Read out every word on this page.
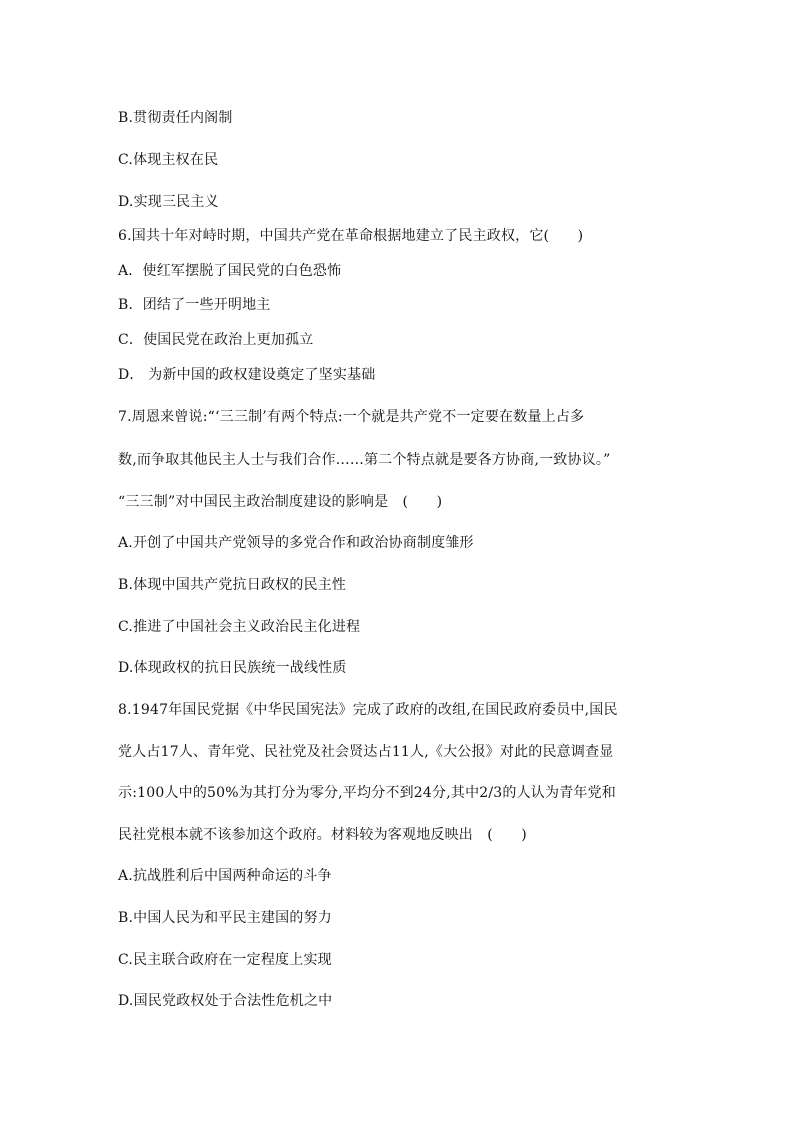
B.贯彻责任内阁制
C.体现主权在民
D.实现三民主义
6.国共十年对峙时期，中国共产党在革命根据地建立了民主政权，它(　　)
A．使红军摆脱了国民党的白色恐怖
B．团结了一些开明地主
C．使国民党在政治上更加孤立
D． 为新中国的政权建设奠定了坚实基础
7.周恩来曾说:“‘三三制’有两个特点:一个就是共产党不一定要在数量上占多
数,而争取其他民主人士与我们合作……第二个特点就是要各方协商,一致协议。”
“三三制”对中国民主政治制度建设的影响是　(　　)
A.开创了中国共产党领导的多党合作和政治协商制度雏形
B.体现中国共产党抗日政权的民主性
C.推进了中国社会主义政治民主化进程
D.体现政权的抗日民族统一战线性质
8.1947年国民党据《中华民国宪法》完成了政府的改组,在国民政府委员中,国民
党人占17人、青年党、民社党及社会贤达占11人,《大公报》对此的民意调查显
示:100人中的50%为其打分为零分,平均分不到24分,其中2/3的人认为青年党和
民社党根本就不该参加这个政府。材料较为客观地反映出　(　　)
A.抗战胜利后中国两种命运的斗争
B.中国人民为和平民主建国的努力
C.民主联合政府在一定程度上实现
D.国民党政权处于合法性危机之中
